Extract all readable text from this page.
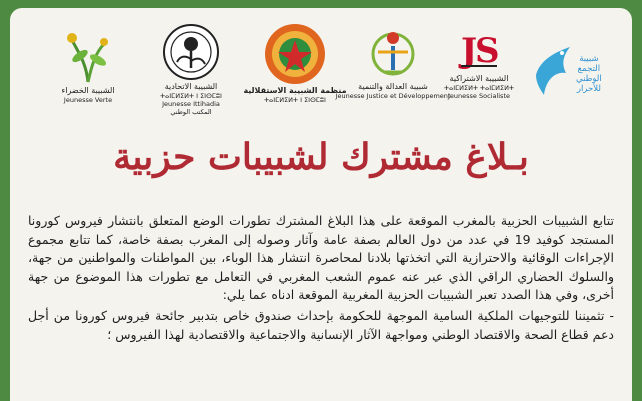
الشبيبة الخضراء
Jeunesse Verte
الشبيبة الاتحادية
ⵜⴰⵏⵎⵍⵉⵍⵜ ⵏ ⵉⵏⵙⵎⵓⵏ
Jeunesse Ittihadia
المكتب الوطني
منظمة الشبيبة الاستقلالية
ⵜⴰⵏⵎⵍⵉⵍⵜ ⵏ ⵉⵏⵙⵎⵓⵏ
شبيبة العدالة والتنمية
Jeunesse Justice et Développement
J
S
الشبيبة الاشتراكية
ⵜⴰⵏⵎⵍⵉⵍⵜ ⵜⴰⵏⵎⵍⵉⵍⵜ
Jeunesse Socialiste
شبيبة
التجمع
الوطني
للأحرار
بـلاغ مشترك لشبيبات حزبية

تتابع الشبيبات الحزبية بالمغرب الموقعة على هذا البلاغ المشترك تطورات الوضع المتعلق بانتشار فيروس كورونا المستجد كوفيد 19 في عدد من دول العالم بصفة عامة وآثار وصوله إلى المغرب بصفة خاصة، كما تتابع مجموع الإجراءات الوقائية والاحترازية التي اتخذتها بلادنا لمحاصرة انتشار هذا الوباء، بين المواطنات والمواطنين من جهة، والسلوك الحضاري الراقي الذي عبر عنه عموم الشعب المغربي في التعامل مع تطورات هذا الموضوع من جهة أخرى، وفي هذا الصدد تعبر الشبيبات الحزبية المغربية الموقعة ادناه عما يلي:

- تثميننا للتوجيهات الملكية السامية الموجهة للحكومة بإحداث صندوق خاص بتدبير جائحة فيروس كورونا من أجل دعم قطاع الصحة والاقتصاد الوطني ومواجهة الآثار الإنسانية والاجتماعية والاقتصادية لهذا الفيروس ؛
